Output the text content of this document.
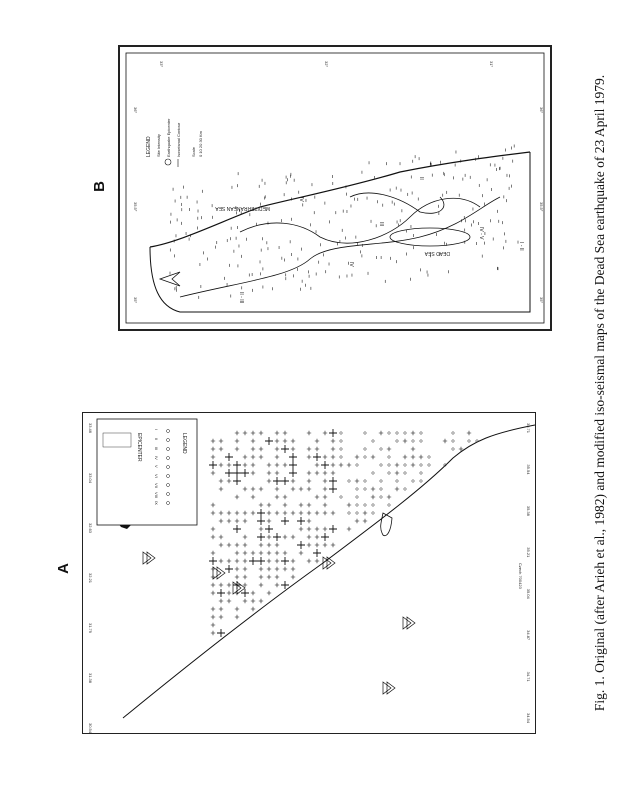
A
B
LEGEND
I
II
III
IV
V
VI
VII
VIII
IX
EPICENTER
30.54
31.38
31.79
32.21
32.63
33.04
33.46
34.54
34.71
34.87
35.04
35.21
35.38
35.54
35.71
Czech 700423
MEDITERRANEAN SEA
DEAD SEA
LEGEND Site Intensity Earthquake Epicenter Isoseismal Contour	Scale 0 10 20 30 Km
35°	35°
35.5°	35.5°
36°	36°
33°	32°	31°
I - II
II
III
IV
IV - V
II - III
IV	Fig. 1. Original (after Arieh et al., 1982) and modified iso-seismal maps of the Dead Sea earthquake of 23 April 1979.
